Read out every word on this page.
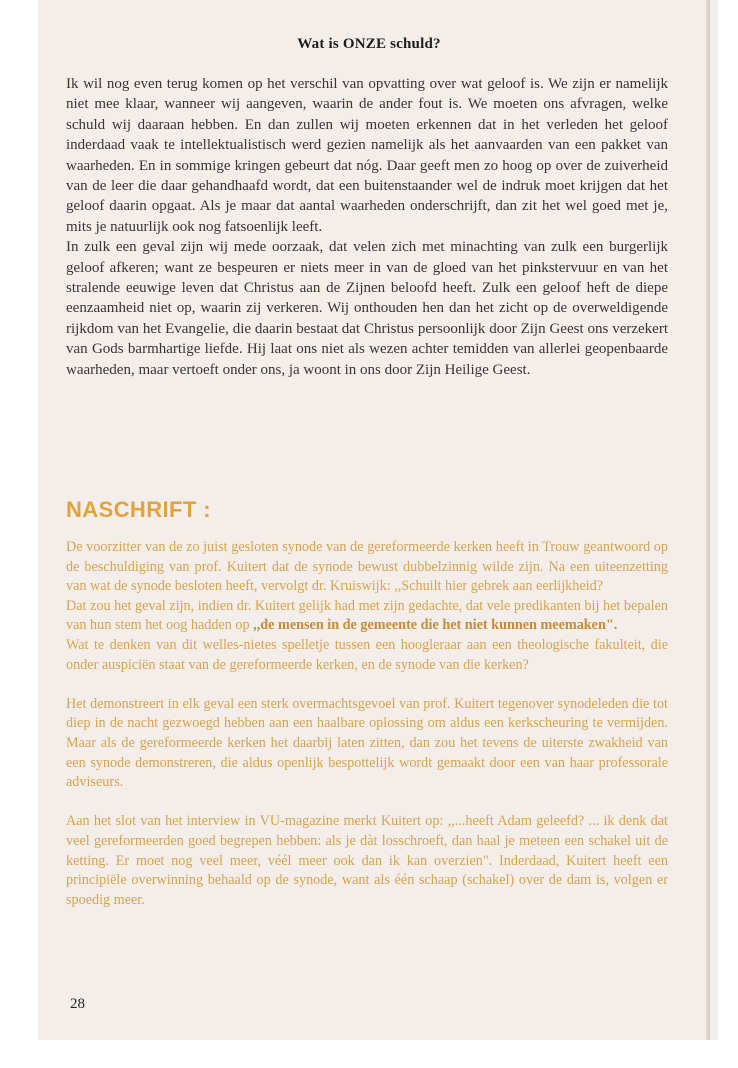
Wat is ONZE schuld?

Ik wil nog even terug komen op het verschil van opvatting over wat geloof is. We zijn er namelijk niet mee klaar, wanneer wij aangeven, waarin de ander fout is. We moeten ons afvragen, welke schuld wij daaraan hebben. En dan zullen wij moeten erkennen dat in het verleden het geloof inderdaad vaak te intellektualistisch werd gezien namelijk als het aanvaarden van een pakket van waarheden. En in sommige kringen gebeurt dat nóg. Daar geeft men zo hoog op over de zuiverheid van de leer die daar gehandhaafd wordt, dat een buitenstaander wel de indruk moet krijgen dat het geloof daarin opgaat. Als je maar dat aantal waarheden onderschrijft, dan zit het wel goed met je, mits je natuurlijk ook nog fatsoenlijk leeft.

In zulk een geval zijn wij mede oorzaak, dat velen zich met minachting van zulk een burgerlijk geloof afkeren; want ze bespeuren er niets meer in van de gloed van het pinkstervuur en van het stralende eeuwige leven dat Christus aan de Zijnen beloofd heeft. Zulk een geloof heft de diepe eenzaamheid niet op, waarin zij verkeren. Wij onthouden hen dan het zicht op de overweldigende rijkdom van het Evangelie, die daarin bestaat dat Christus persoonlijk door Zijn Geest ons verzekert van Gods barmhartige liefde. Hij laat ons niet als wezen achter temidden van allerlei geopenbaarde waarheden, maar vertoeft onder ons, ja woont in ons door Zijn Heilige Geest.

NASCHRIFT :

De voorzitter van de zo juist gesloten synode van de gereformeerde kerken heeft in Trouw geantwoord op de beschuldiging van prof. Kuitert dat de synode bewust dubbelzinnig wilde zijn. Na een uiteenzetting van wat de synode besloten heeft, vervolgt dr. Kruiswijk: ,,Schuilt hier gebrek aan eerlijkheid?

Dat zou het geval zijn, indien dr. Kuitert gelijk had met zijn gedachte, dat vele predikanten bij het bepalen van hun stem het oog hadden op ,,de mensen in de gemeente die het niet kunnen meemaken".

Wat te denken van dit welles-nietes spelletje tussen een hoogleraar aan een theologische fakulteit, die onder auspiciën staat van de gereformeerde kerken, en de synode van die kerken?

Het demonstreert in elk geval een sterk overmachtsgevoel van prof. Kuitert tegenover synodeleden die tot diep in de nacht gezwoegd hebben aan een haalbare oplossing om aldus een kerkscheuring te vermijden. Maar als de gereformeerde kerken het daarbij laten zitten, dan zou het tevens de uiterste zwakheid van een synode demonstreren, die aldus openlijk bespottelijk wordt gemaakt door een van haar professorale adviseurs.

Aan het slot van het interview in VU-magazine merkt Kuitert op: ,,...heeft Adam geleefd? ... ik denk dat veel gereformeerden goed begrepen hebben: als je dàt losschroeft, dan haal je meteen een schakel uit de ketting. Er moet nog veel meer, véél meer ook dan ik kan overzien". Inderdaad, Kuitert heeft een principiële overwinning behaald op de synode, want als één schaap (schakel) over de dam is, volgen er spoedig meer.

28
